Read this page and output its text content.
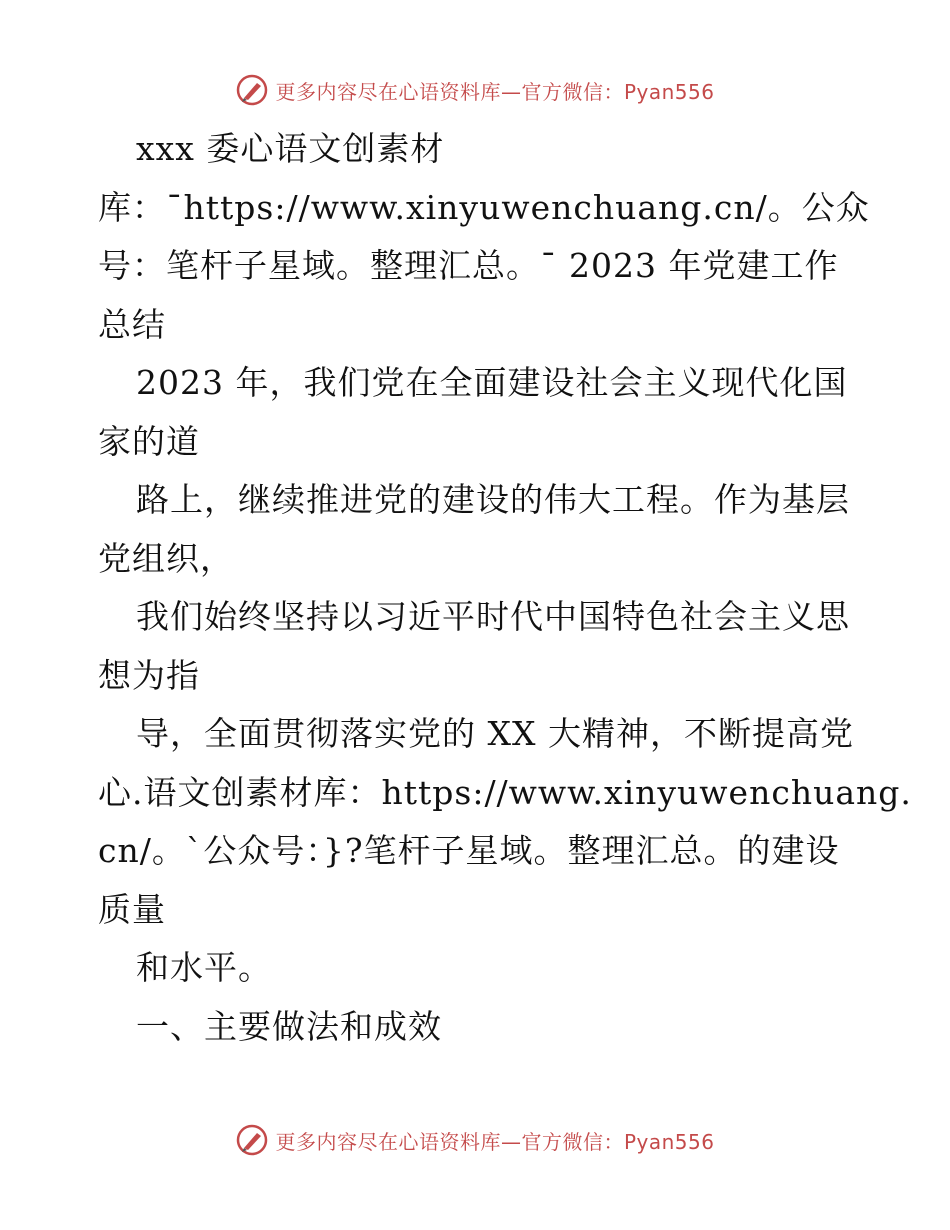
更多内容尽在心语资料库—官方微信：Pyan556
xxx 委心语文创素材
库：¯https://www.xinyuwenchuang.cn/。公众
号：笔杆子星域。整理汇总。¯ 2023 年党建工作
总结
2023 年，我们党在全面建设社会主义现代化国
家的道
路上，继续推进党的建设的伟大工程。作为基层
党组织，
我们始终坚持以习近平时代中国特色社会主义思
想为指
导，全面贯彻落实党的 XX 大精神，不断提高党
心.语文创素材库：https://www.xinyuwenchuang.
cn/。`公众号：}?笔杆子星域。整理汇总。的建设
质量
和水平。
一、主要做法和成效
更多内容尽在心语资料库—官方微信：Pyan556
